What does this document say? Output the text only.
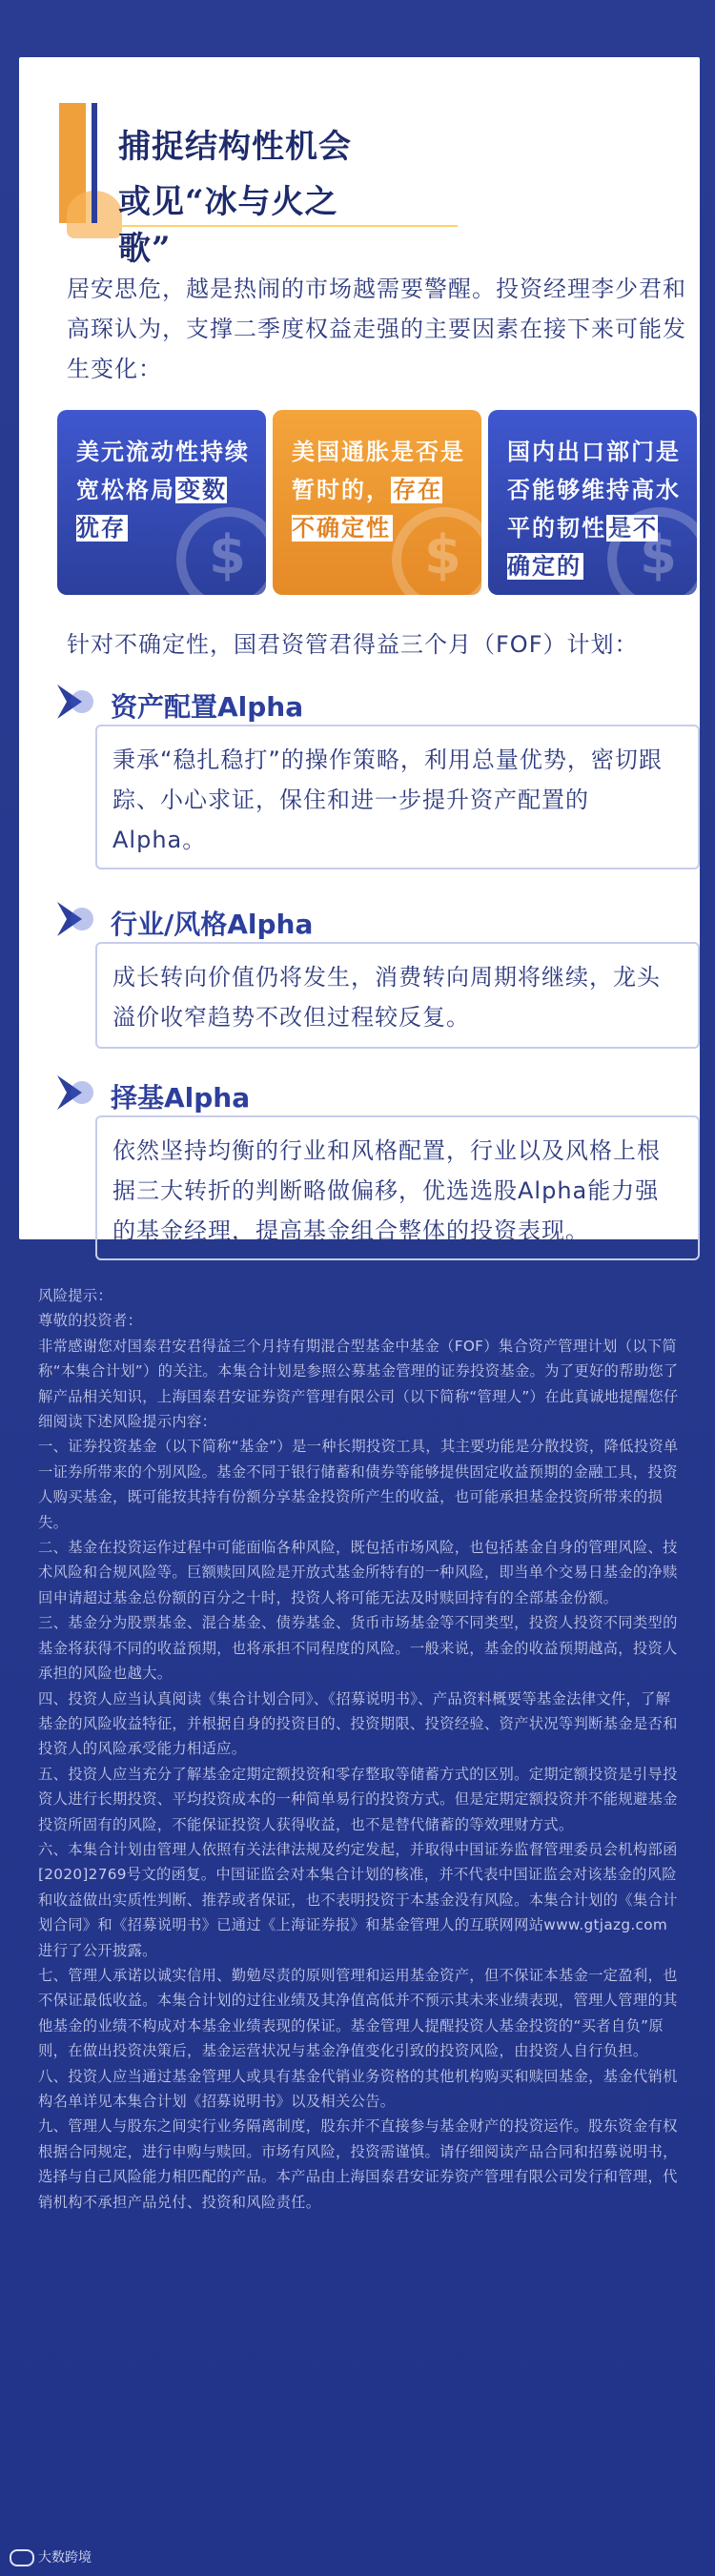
捕捉结构性机会
或见“冰与火之歌”
居安思危，越是热闹的市场越需要警醒。投资经理李少君和高琛认为，支撑二季度权益走强的主要因素在接下来可能发生变化：
美元流动性持续宽松格局变数犹存	$
美国通胀是否是暂时的，存在不确定性 $
国内出口部门是否能够维持高水平的韧性是不确定的	$
针对不确定性，国君资管君得益三个月（FOF）计划：
资产配置Alpha
秉承“稳扎稳打”的操作策略，利用总量优势，密切跟踪、小心求证，保住和进一步提升资产配置的Alpha。
行业/风格Alpha
成长转向价值仍将发生，消费转向周期将继续，龙头溢价收窄趋势不改但过程较反复。
择基Alpha
依然坚持均衡的行业和风格配置，行业以及风格上根据三大转折的判断略做偏移，优选选股Alpha能力强的基金经理，提高基金组合整体的投资表现。

风险提示：

尊敬的投资者：

非常感谢您对国泰君安君得益三个月持有期混合型基金中基金（FOF）集合资产管理计划（以下简称“本集合计划”）的关注。本集合计划是参照公募基金管理的证券投资基金。为了更好的帮助您了解产品相关知识，上海国泰君安证券资产管理有限公司（以下简称“管理人”）在此真诚地提醒您仔细阅读下述风险提示内容：

一、证券投资基金（以下简称“基金”）是一种长期投资工具，其主要功能是分散投资，降低投资单一证券所带来的个别风险。基金不同于银行储蓄和债券等能够提供固定收益预期的金融工具，投资人购买基金，既可能按其持有份额分享基金投资所产生的收益，也可能承担基金投资所带来的损失。

二、基金在投资运作过程中可能面临各种风险，既包括市场风险，也包括基金自身的管理风险、技术风险和合规风险等。巨额赎回风险是开放式基金所特有的一种风险，即当单个交易日基金的净赎回申请超过基金总份额的百分之十时，投资人将可能无法及时赎回持有的全部基金份额。

三、基金分为股票基金、混合基金、债券基金、货币市场基金等不同类型，投资人投资不同类型的基金将获得不同的收益预期，也将承担不同程度的风险。一般来说，基金的收益预期越高，投资人承担的风险也越大。

四、投资人应当认真阅读《集合计划合同》、《招募说明书》、产品资料概要等基金法律文件，了解基金的风险收益特征，并根据自身的投资目的、投资期限、投资经验、资产状况等判断基金是否和投资人的风险承受能力相适应。

五、投资人应当充分了解基金定期定额投资和零存整取等储蓄方式的区别。定期定额投资是引导投资人进行长期投资、平均投资成本的一种简单易行的投资方式。但是定期定额投资并不能规避基金投资所固有的风险，不能保证投资人获得收益，也不是替代储蓄的等效理财方式。

六、本集合计划由管理人依照有关法律法规及约定发起，并取得中国证券监督管理委员会机构部函[2020]2769号文的函复。中国证监会对本集合计划的核准，并不代表中国证监会对该基金的风险和收益做出实质性判断、推荐或者保证，也不表明投资于本基金没有风险。本集合计划的《集合计划合同》和《招募说明书》已通过《上海证券报》和基金管理人的互联网网站www.gtjazg.com进行了公开披露。

七、管理人承诺以诚实信用、勤勉尽责的原则管理和运用基金资产，但不保证本基金一定盈利，也不保证最低收益。本集合计划的过往业绩及其净值高低并不预示其未来业绩表现，管理人管理的其他基金的业绩不构成对本基金业绩表现的保证。基金管理人提醒投资人基金投资的“买者自负”原则，在做出投资决策后，基金运营状况与基金净值变化引致的投资风险，由投资人自行负担。

八、投资人应当通过基金管理人或具有基金代销业务资格的其他机构购买和赎回基金，基金代销机构名单详见本集合计划《招募说明书》以及相关公告。

九、管理人与股东之间实行业务隔离制度，股东并不直接参与基金财产的投资运作。股东资金有权根据合同规定，进行申购与赎回。市场有风险，投资需谨慎。请仔细阅读产品合同和招募说明书，选择与自己风险能力相匹配的产品。本产品由上海国泰君安证券资产管理有限公司发行和管理，代销机构不承担产品兑付、投资和风险责任。

大数跨境
